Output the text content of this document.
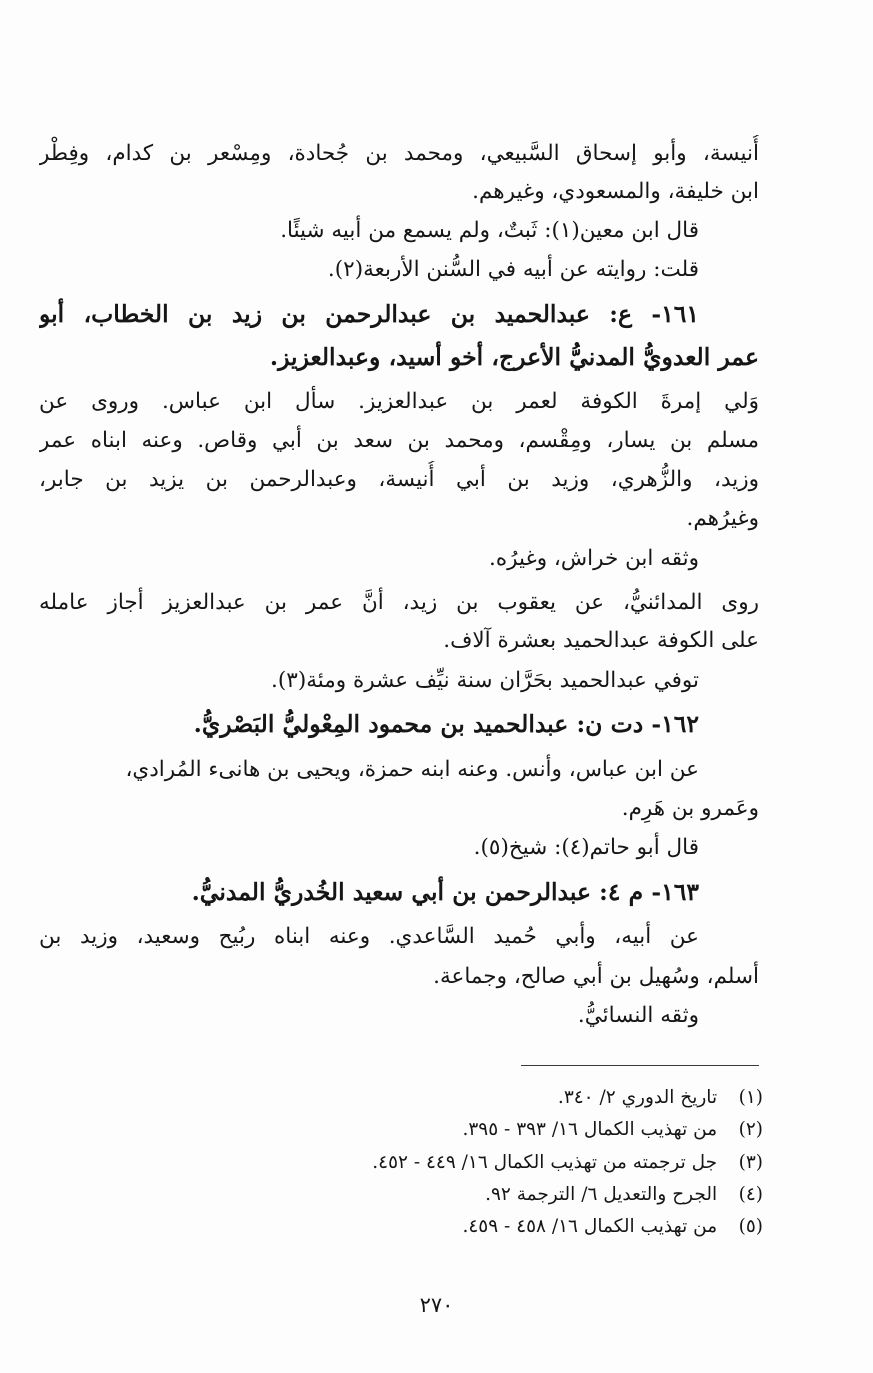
أُنيسة، وأبو إسحاق السَّبيعي، ومحمد بن جُحادة، ومِسْعر بن كدام، وفِطْر
ابن خليفة، والمسعودي، وغيرهم.
قال ابن معين(١): ثَبتٌ، ولم يسمع من أبيه شيئًا.
قلت: روايته عن أبيه في السُّنن الأربعة(٢).
١٦١- ع: عبدالحميد بن عبدالرحمن بن زيد بن الخطاب، أبو
عمر العدويُّ المدنيُّ الأعرج، أخو أسيد، وعبدالعزيز.
وَلي إمرةَ الكوفة لعمر بن عبدالعزيز. سأل ابن عباس. وروى عن
مسلم بن يسار، ومِقْسم، ومحمد بن سعد بن أبي وقاص. وعنه ابناه عمر
وزيد، والزُّهري، وزيد بن أبي أُنيسة، وعبدالرحمن بن يزيد بن جابر،
وغيرُهم.
وثقه ابن خراش، وغيرُه.
روى المدائنيُّ، عن يعقوب بن زيد، أنَّ عمر بن عبدالعزيز أجاز عامله
على الكوفة عبدالحميد بعشرة آلاف.
توفي عبدالحميد بحَرَّان سنة نيِّف عشرة ومئة(٣).
١٦٢- دت ن: عبدالحميد بن محمود المِعْوليُّ البَصْريُّ.
عن ابن عباس، وأنس. وعنه ابنه حمزة، ويحيى بن هانىء المُرادي،
وعَمرو بن هَرِم.
قال أبو حاتم(٤): شيخ(٥).
١٦٣- م ٤: عبدالرحمن بن أبي سعيد الخُدريُّ المدنيُّ.
عن أبيه، وأبي حُميد السَّاعدي. وعنه ابناه ربُيح وسعيد، وزيد بن
أسلم، وسُهيل بن أبي صالح، وجماعة.
وثقه النسائيُّ.
(١) تاريخ الدوري ٢/ ٣٤٠.
(٢) من تهذيب الكمال ١٦/ ٣٩٣ - ٣٩٥.
(٣) جل ترجمته من تهذيب الكمال ١٦/ ٤٤٩ - ٤٥٢.
(٤) الجرح والتعديل ٦/ الترجمة ٩٢.
(٥) من تهذيب الكمال ١٦/ ٤٥٨ - ٤٥٩.
٢٧٠
